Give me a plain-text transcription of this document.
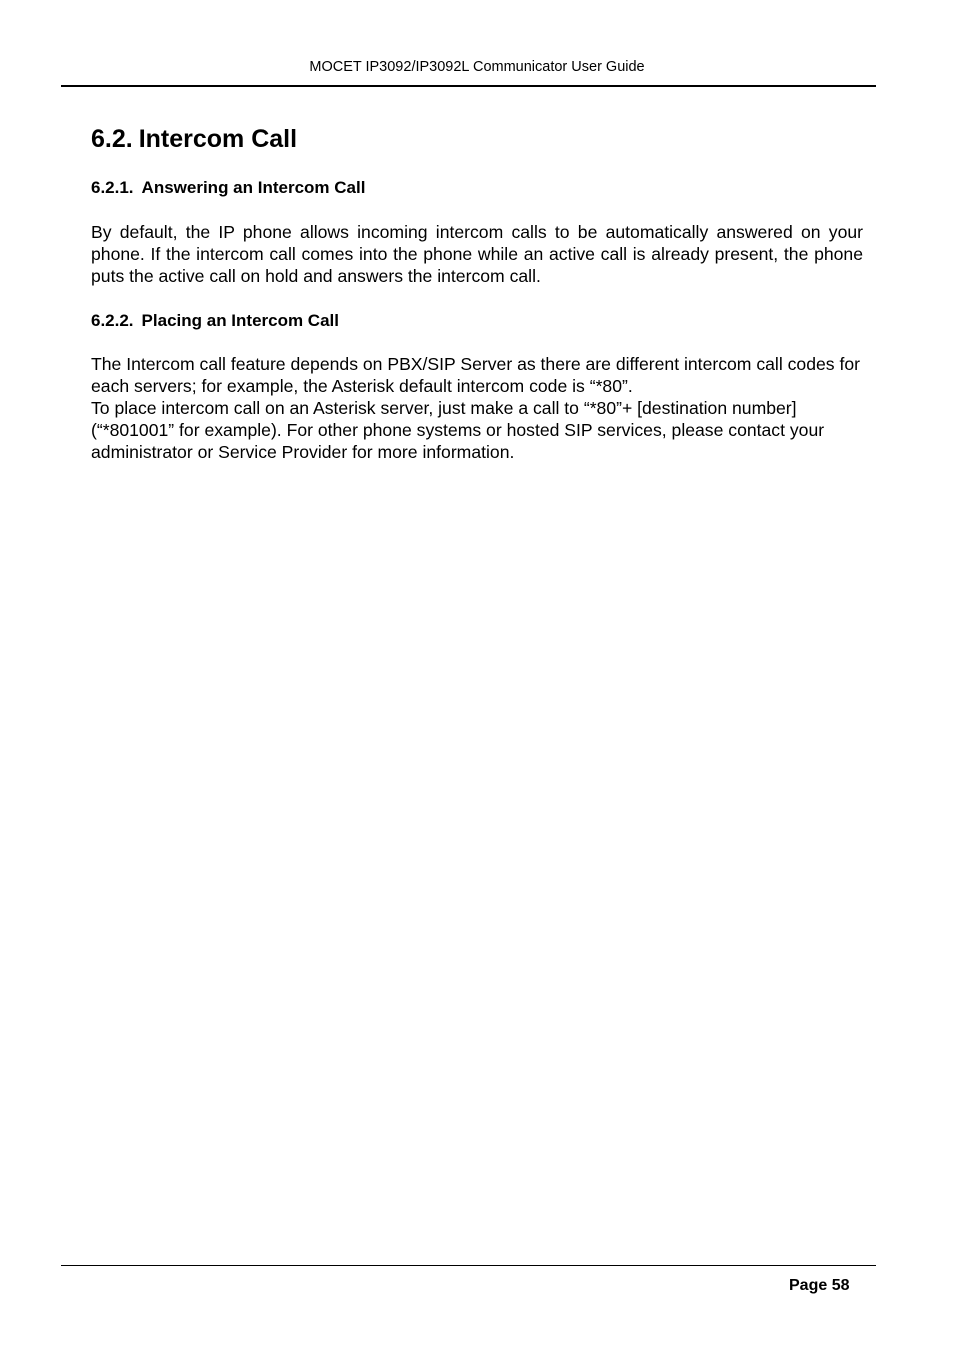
MOCET IP3092/IP3092L Communicator User Guide
6.2. Intercom Call
6.2.1. Answering an Intercom Call

By default, the IP phone allows incoming intercom calls to be automatically answered on your phone. If the intercom call comes into the phone while an active call is already present, the phone puts the active call on hold and answers the intercom call.

6.2.2. Placing an Intercom Call

The Intercom call feature depends on PBX/SIP Server as there are different intercom call codes for each servers; for example, the Asterisk default intercom code is “*80”.

To place intercom call on an Asterisk server, just make a call to “*80”+ [destination number] (“*801001” for example). For other phone systems or hosted SIP services, please contact your administrator or Service Provider for more information.

Page 58
